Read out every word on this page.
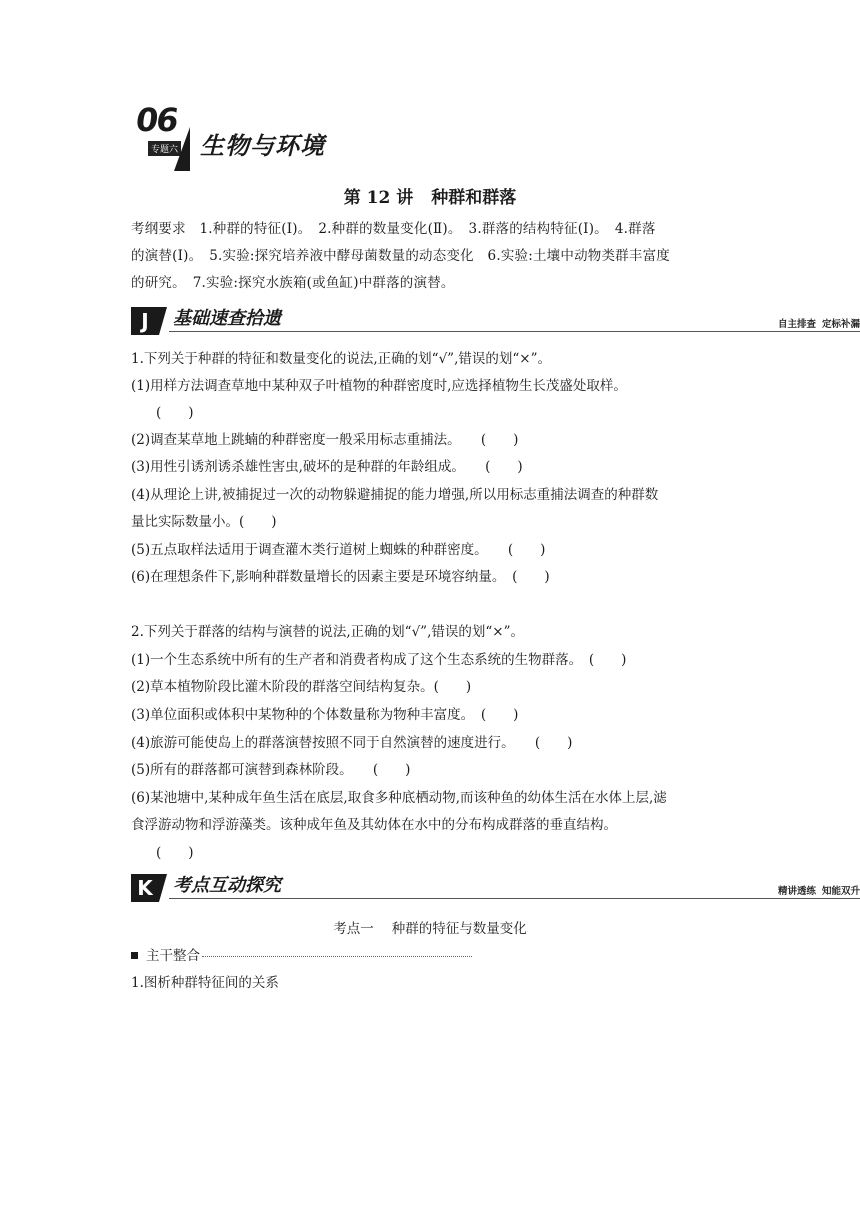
06
专题六 生物与环境
第 12 讲 种群和群落
考纲要求　1.种群的特征(Ⅰ)。　2.种群的数量变化(Ⅱ)。　3.群落的结构特征(Ⅰ)。　4.群落
的演替(Ⅰ)。　5.实验:探究培养液中酵母菌数量的动态变化　6.实验:土壤中动物类群丰富度
的研究。　7.实验:探究水族箱(或鱼缸)中群落的演替。
J	基础速查拾遗	自主排查 定标补漏
1.下列关于种群的特征和数量变化的说法,正确的划“√”,错误的划“×”。
(1)用样方法调查草地中某种双子叶植物的种群密度时,应选择植物生长茂盛处取样。
(　　)
(2)调查某草地上跳蝻的种群密度一般采用标志重捕法。　　(　　)
(3)用性引诱剂诱杀雄性害虫,破坏的是种群的年龄组成。　　(　　)
(4)从理论上讲,被捕捉过一次的动物躲避捕捉的能力增强,所以用标志重捕法调查的种群数
量比实际数量小。(　　)
(5)五点取样法适用于调查灌木类行道树上蜘蛛的种群密度。　　(　　)
(6)在理想条件下,影响种群数量增长的因素主要是环境容纳量。　(　　)
2.下列关于群落的结构与演替的说法,正确的划“√”,错误的划“×”。
(1)一个生态系统中所有的生产者和消费者构成了这个生态系统的生物群落。　(　　)
(2)草本植物阶段比灌木阶段的群落空间结构复杂。(　　)
(3)单位面积或体积中某物种的个体数量称为物种丰富度。　(　　)
(4)旅游可能使岛上的群落演替按照不同于自然演替的速度进行。　　(　　)
(5)所有的群落都可演替到森林阶段。　　(　　)
(6)某池塘中,某种成年鱼生活在底层,取食多种底栖动物,而该种鱼的幼体生活在水体上层,滤
食浮游动物和浮游藻类。该种成年鱼及其幼体在水中的分布构成群落的垂直结构。
(　　)
K	考点互动探究	精讲透练 知能双升
考点一 种群的特征与数量变化
主干整合
1.图析种群特征间的关系
